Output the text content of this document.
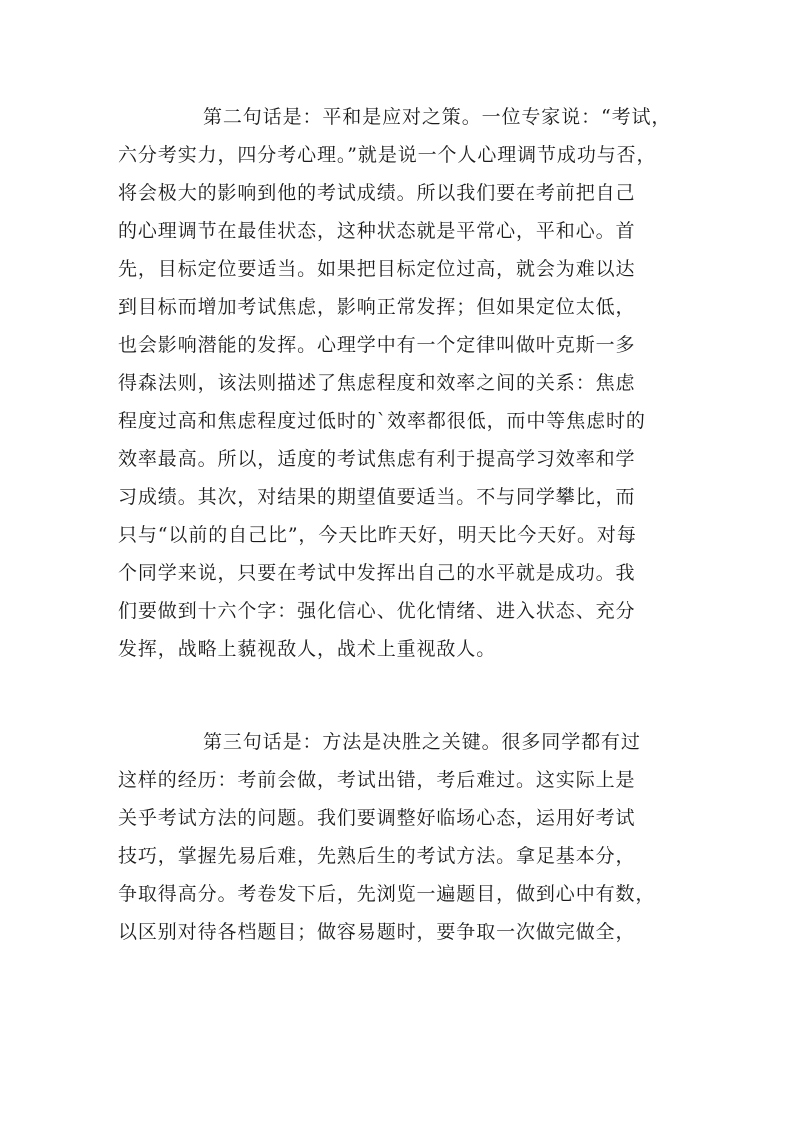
第二句话是：平和是应对之策。一位专家说：“考试，
六分考实力，四分考心理。”就是说一个人心理调节成功与否，
将会极大的影响到他的考试成绩。所以我们要在考前把自己
的心理调节在最佳状态，这种状态就是平常心，平和心。首
先，目标定位要适当。如果把目标定位过高，就会为难以达
到目标而增加考试焦虑，影响正常发挥；但如果定位太低，
也会影响潜能的发挥。心理学中有一个定律叫做叶克斯一多
得森法则，该法则描述了焦虑程度和效率之间的关系：焦虑
程度过高和焦虑程度过低时的`效率都很低，而中等焦虑时的
效率最高。所以，适度的考试焦虑有利于提高学习效率和学
习成绩。其次，对结果的期望值要适当。不与同学攀比，而
只与“以前的自己比”，今天比昨天好，明天比今天好。对每
个同学来说，只要在考试中发挥出自己的水平就是成功。我
们要做到十六个字：强化信心、优化情绪、进入状态、充分
发挥，战略上藐视敌人，战术上重视敌人。
第三句话是：方法是决胜之关键。很多同学都有过
这样的经历：考前会做，考试出错，考后难过。这实际上是
关乎考试方法的问题。我们要调整好临场心态，运用好考试
技巧，掌握先易后难，先熟后生的考试方法。拿足基本分，
争取得高分。考卷发下后，先浏览一遍题目，做到心中有数，
以区别对待各档题目；做容易题时，要争取一次做完做全，
